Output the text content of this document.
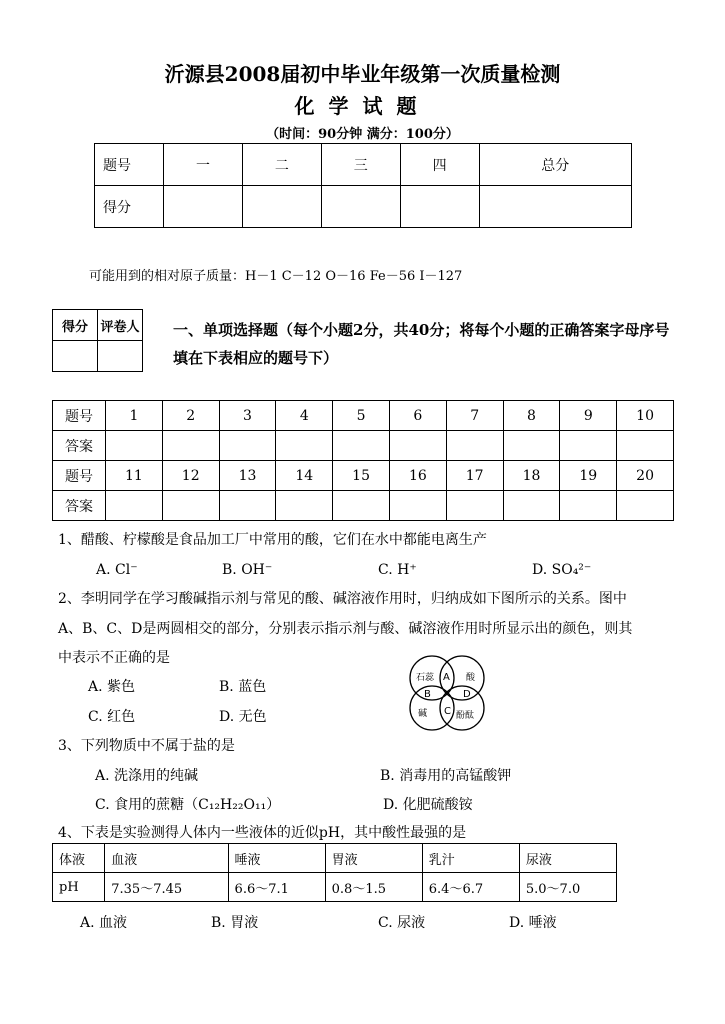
沂源县2008届初中毕业年级第一次质量检测
化学试题
（时间：90分钟 满分：100分）
题号	一	二	三	四	总分
得分					
可能用到的相对原子质量：H－1 C－12 O－16 Fe－56 I－127
得分	评卷人
	一、单项选择题（每个小题2分，共40分；将每个小题的正确答案字母序号填在下表相应的题号下）
题号	1	2	3	4	5	6	7	8	9	10
答案										
题号	11	12	13	14	15	16	17	18	19	20
答案										
1、醋酸、柠檬酸是食品加工厂中常用的酸，它们在水中都能电离生产
A. Cl⁻	B. OH⁻	C. H⁺	D. SO₄²⁻
2、李明同学在学习酸碱指示剂与常见的酸、碱溶液作用时，归纳成如下图所示的关系。图中
A、B、C、D是两圆相交的部分，分别表示指示剂与酸、碱溶液作用时所显示出的颜色，则其
中表示不正确的是
A. 紫色	B. 蓝色
C. 红色	D. 无色
石蕊	酸
碱	酚酞
A
B
C
D
3、下列物质中不属于盐的是
A. 洗涤用的纯碱	B. 消毒用的高锰酸钾
C. 食用的蔗糖（C₁₂H₂₂O₁₁）	D. 化肥硫酸铵
4、下表是实验测得人体内一些液体的近似pH，其中酸性最强的是
体液	血液	唾液	胃液	乳汁	尿液
pH	7.35～7.45	6.6～7.1	0.8～1.5	6.4～6.7	5.0～7.0
A. 血液	B. 胃液	C. 尿液	D. 唾液
